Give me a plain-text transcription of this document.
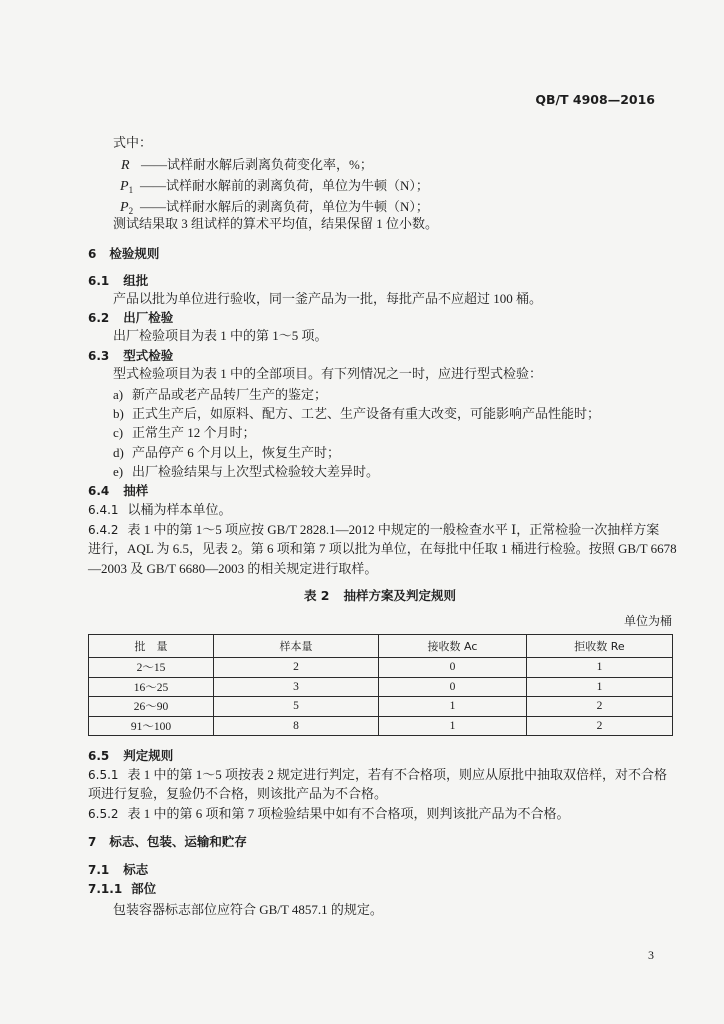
QB/T 4908—2016
式中：
R ——试样耐水解后剥离负荷变化率，%；
$P_1$ ——试样耐水解前的剥离负荷，单位为牛顿（N）；
$P_2$ ——试样耐水解后的剥离负荷，单位为牛顿（N）；
测试结果取 3 组试样的算术平均值，结果保留 1 位小数。
6 检验规则
6.1 组批
产品以批为单位进行验收，同一釜产品为一批，每批产品不应超过 100 桶。
6.2 出厂检验
出厂检验项目为表 1 中的第 1～5 项。
6.3 型式检验
型式检验项目为表 1 中的全部项目。有下列情况之一时，应进行型式检验：
a) 新产品或老产品转厂生产的鉴定；
b) 正式生产后，如原料、配方、工艺、生产设备有重大改变，可能影响产品性能时；
c) 正常生产 12 个月时；
d) 产品停产 6 个月以上，恢复生产时；
e) 出厂检验结果与上次型式检验较大差异时。
6.4 抽样
6.4.1 以桶为样本单位。
6.4.2 表 1 中的第 1～5 项应按 GB/T 2828.1—2012 中规定的一般检查水平 Ⅰ，正常检验一次抽样方案
进行，AQL 为 6.5，见表 2。第 6 项和第 7 项以批为单位，在每批中任取 1 桶进行检验。按照 GB/T 6678
—2003 及 GB/T 6680—2003 的相关规定进行取样。
表 2 抽样方案及判定规则
单位为桶
批　量	样本量	接收数 Ac	拒收数 Re
2～15	2	0	1
16～25	3	0	1
26～90	5	1	2
91～100	8	1	2
6.5 判定规则
6.5.1 表 1 中的第 1～5 项按表 2 规定进行判定，若有不合格项，则应从原批中抽取双倍样，对不合格
项进行复验，复验仍不合格，则该批产品为不合格。
6.5.2 表 1 中的第 6 项和第 7 项检验结果中如有不合格项，则判该批产品为不合格。
7 标志、包装、运输和贮存
7.1 标志
7.1.1 部位
包装容器标志部位应符合 GB/T 4857.1 的规定。
3
